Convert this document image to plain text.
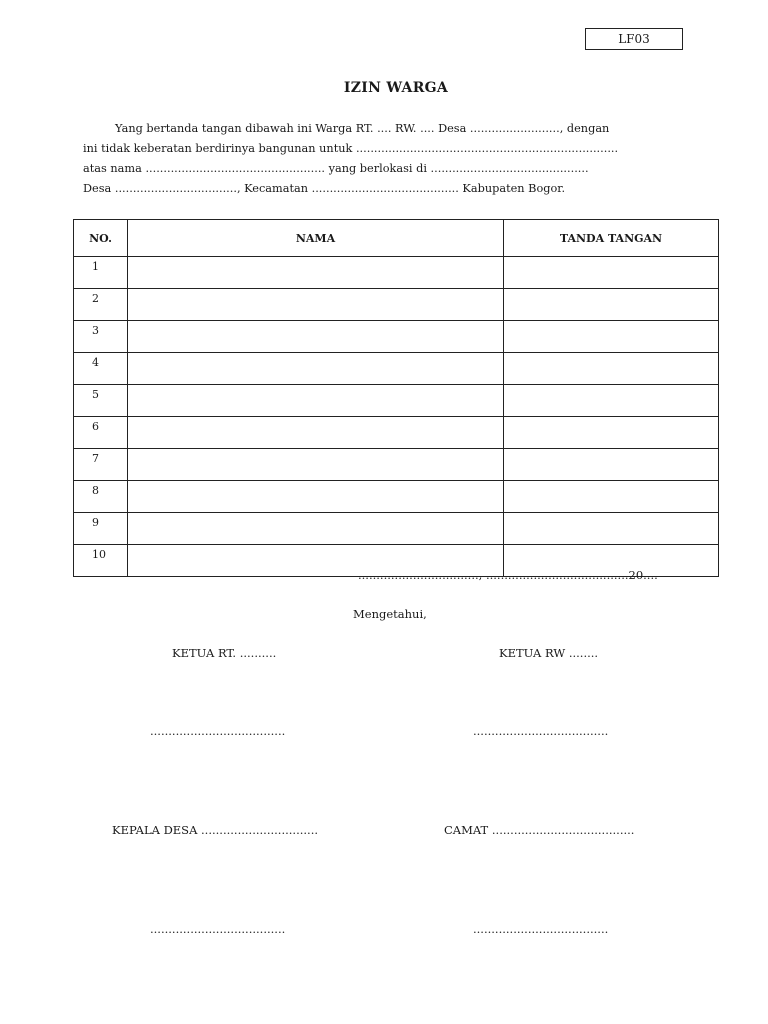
LF03
IZIN WARGA
Yang bertanda tangan dibawah ini Warga RT. .... RW. .... Desa ........................., dengan
ini tidak keberatan berdirinya bangunan untuk .........................................................................
atas nama .................................................. yang berlokasi di ............................................
Desa .................................., Kecamatan ......................................... Kabupaten Bogor.
NO.	NAMA	TANDA TANGAN
1		
2		
3		
4		
5		
6		
7		
8		
9		
10		
................................., .......................................20....
Mengetahui,
KETUA RT. ..........	KETUA RW ........
.....................................	.....................................
KEPALA DESA ................................	CAMAT .......................................
.....................................	.....................................
